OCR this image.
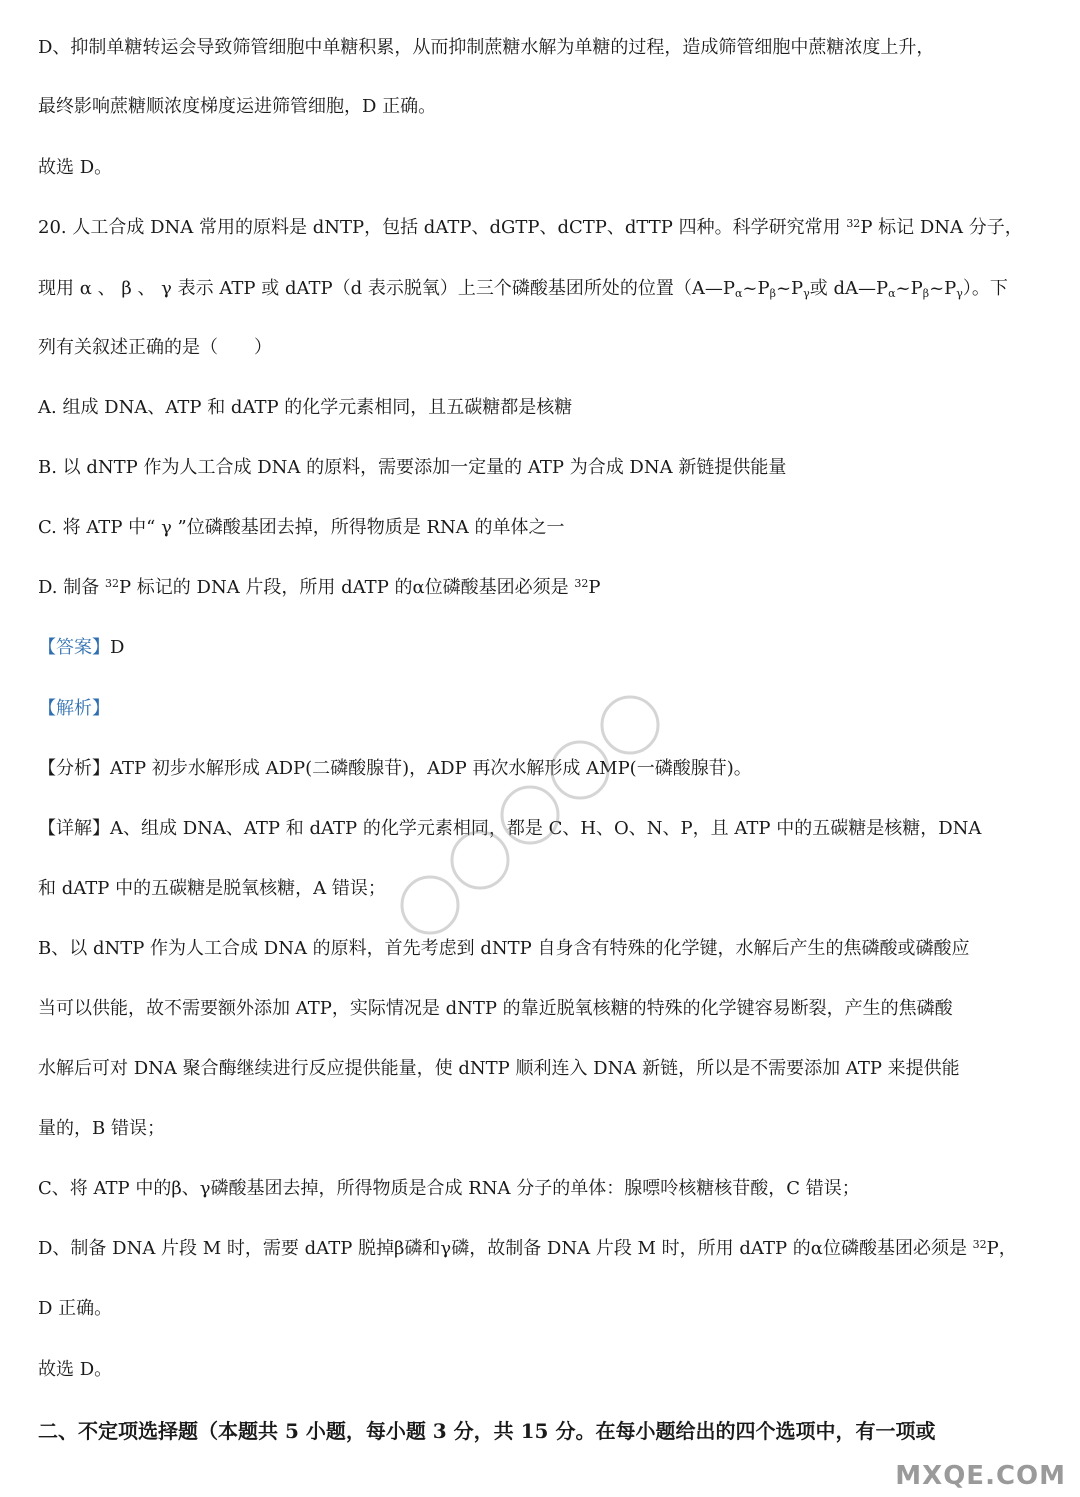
D、抑制单糖转运会导致筛管细胞中单糖积累，从而抑制蔗糖水解为单糖的过程，造成筛管细胞中蔗糖浓度上升，
最终影响蔗糖顺浓度梯度运进筛管细胞，D 正确。
故选 D。
20. 人工合成 DNA 常用的原料是 dNTP，包括 dATP、dGTP、dCTP、dTTP 四种。科学研究常用 $^{32}$P 标记 DNA 分子，
现用 α 、 β 、 γ 表示 ATP 或 dATP（d 表示脱氧）上三个磷酸基团所处的位置（$A—P_\alpha\sim P_\beta\sim P_\gamma$或 $dA—P_\alpha\sim P_\beta\sim P_\gamma$）。下
列有关叙述正确的是（　　）
A. 组成 DNA、ATP 和 dATP 的化学元素相同，且五碳糖都是核糖
B. 以 dNTP 作为人工合成 DNA 的原料，需要添加一定量的 ATP 为合成 DNA 新链提供能量
C. 将 ATP 中“ γ ”位磷酸基团去掉，所得物质是 RNA 的单体之一
D. 制备 $^{32}$P 标记的 DNA 片段，所用 dATP 的α位磷酸基团必须是 $^{32}$P
【答案】D
【解析】
【分析】ATP 初步水解形成 ADP(二磷酸腺苷)，ADP 再次水解形成 AMP(一磷酸腺苷)。
【详解】A、组成 DNA、ATP 和 dATP 的化学元素相同，都是 C、H、O、N、P，且 ATP 中的五碳糖是核糖，DNA
和 dATP 中的五碳糖是脱氧核糖，A 错误；
B、以 dNTP 作为人工合成 DNA 的原料，首先考虑到 dNTP 自身含有特殊的化学键，水解后产生的焦磷酸或磷酸应
当可以供能，故不需要额外添加 ATP，实际情况是 dNTP 的靠近脱氧核糖的特殊的化学键容易断裂，产生的焦磷酸
水解后可对 DNA 聚合酶继续进行反应提供能量，使 dNTP 顺利连入 DNA 新链，所以是不需要添加 ATP 来提供能
量的，B 错误；
C、将 ATP 中的β、γ磷酸基团去掉，所得物质是合成 RNA 分子的单体：腺嘌呤核糖核苷酸，C 错误；
D、制备 DNA 片段 M 时，需要 dATP 脱掉β磷和γ磷，故制备 DNA 片段 M 时，所用 dATP 的α位磷酸基团必须是 $^{32}$P，
D 正确。
故选 D。
二、不定项选择题（本题共 5 小题，每小题 3 分，共 15 分。在每小题给出的四个选项中，有一项或
MXQE.COM
